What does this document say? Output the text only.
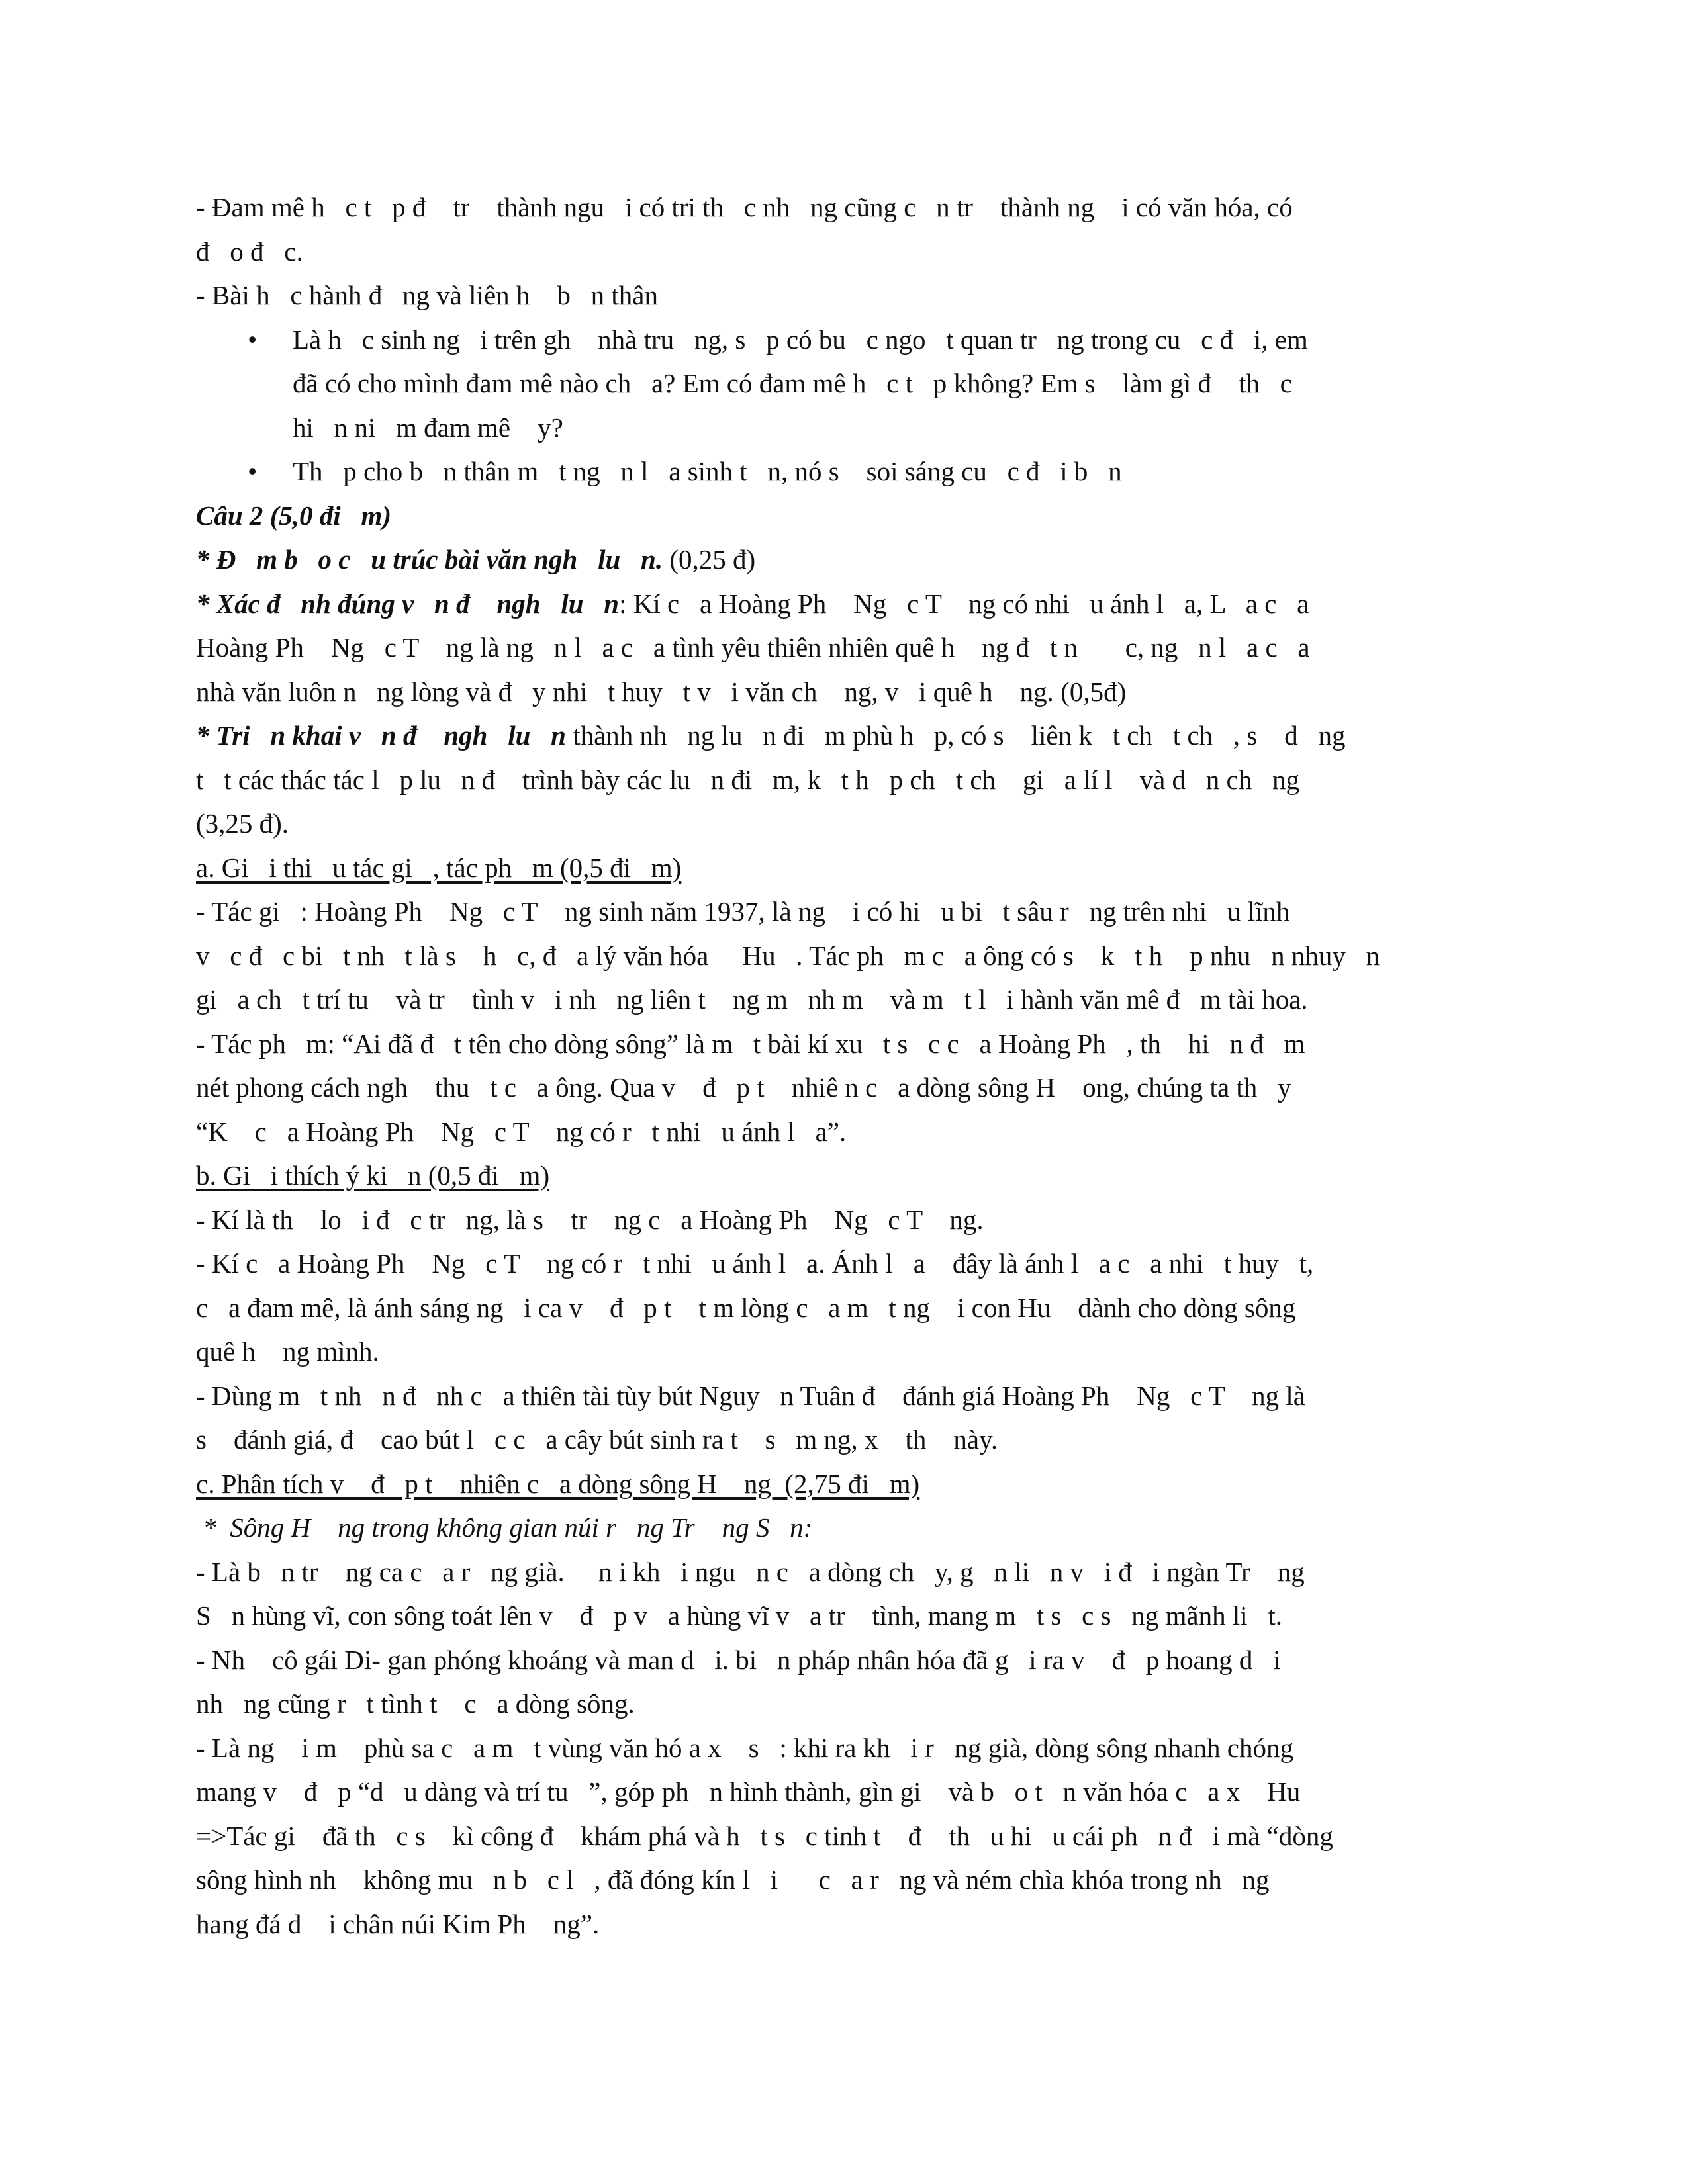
- Đam mê h   c t   p đ    tr    thành ngu   i có tri th   c nh   ng cũng c   n tr    thành ng    i có văn hóa, có
đ   o đ   c.
- Bài h   c hành đ   ng và liên h    b   n thân
• Là h   c sinh ng   i trên gh    nhà tru   ng, s   p có bu   c ngo   t quan tr   ng trong cu   c đ   i, em
đã có cho mình đam mê nào ch   a? Em có đam mê h   c t   p không? Em s    làm gì đ    th   c
hi   n ni   m đam mê    y?
• Th   p cho b   n thân m   t ng   n l   a sinh t   n, nó s    soi sáng cu   c đ   i b   n
Câu 2 (5,0 đi   m)
* Đ   m b   o c   u trúc bài văn ngh   lu   n. (0,25 đ)
* Xác đ   nh đúng v   n đ    ngh   lu   n: Kí c   a Hoàng Ph    Ng   c T    ng có nhi   u ánh l   a, L   a c   a
Hoàng Ph    Ng   c T    ng là ng   n l   a c   a tình yêu thiên nhiên quê h    ng đ   t n       c, ng   n l   a c   a
nhà văn luôn n   ng lòng và đ   y nhi   t huy   t v   i văn ch    ng, v   i quê h    ng. (0,5đ)
* Tri   n khai v   n đ    ngh   lu   n thành nh   ng lu   n đi   m phù h   p, có s    liên k   t ch   t ch   , s    d   ng
t   t các thác tác l   p lu   n đ    trình bày các lu   n đi   m, k   t h   p ch   t ch    gi   a lí l    và d   n ch   ng
(3,25 đ).
a. Gi   i thi   u tác gi   , tác ph   m (0,5 đi   m)
- Tác gi   : Hoàng Ph    Ng   c T    ng sinh năm 1937, là ng    i có hi   u bi   t sâu r   ng trên nhi   u lĩnh
v   c đ   c bi   t nh   t là s    h   c, đ   a lý văn hóa     Hu   . Tác ph   m c   a ông có s    k   t h    p nhu   n nhuy   n
gi   a ch   t trí tu    và tr    tình v   i nh   ng liên t    ng m   nh m    và m   t l   i hành văn mê đ   m tài hoa.
- Tác ph   m: “Ai đã đ   t tên cho dòng sông” là m   t bài kí xu   t s   c c   a Hoàng Ph   , th    hi   n đ   m
nét phong cách ngh    thu   t c   a ông. Qua v    đ   p t    nhiê n c   a dòng sông H    ong, chúng ta th   y
“K    c   a Hoàng Ph    Ng   c T    ng có r   t nhi   u ánh l   a”.
b. Gi   i thích ý ki   n (0,5 đi   m)
- Kí là th    lo   i đ   c tr   ng, là s    tr    ng c   a Hoàng Ph    Ng   c T    ng.
- Kí c   a Hoàng Ph    Ng   c T    ng có r   t nhi   u ánh l   a. Ánh l   a    đây là ánh l   a c   a nhi   t huy   t,
c   a đam mê, là ánh sáng ng   i ca v    đ   p t    t m lòng c   a m   t ng    i con Hu    dành cho dòng sông
quê h    ng mình.
- Dùng m   t nh   n đ   nh c   a thiên tài tùy bút Nguy   n Tuân đ    đánh giá Hoàng Ph    Ng   c T    ng là
s    đánh giá, đ    cao bút l   c c   a cây bút sinh ra t    s   m ng, x    th    này.
c. Phân tích v    đ   p t    nhiên c   a dòng sông H    ng  (2,75 đi   m)
*  Sông H    ng trong không gian núi r   ng Tr    ng S   n:
- Là b   n tr    ng ca c   a r   ng già.     n i kh   i ngu   n c   a dòng ch   y, g   n li   n v   i đ   i ngàn Tr    ng
S   n hùng vĩ, con sông toát lên v    đ   p v   a hùng vĩ v   a tr    tình, mang m   t s   c s   ng mãnh li   t.
- Nh    cô gái Di- gan phóng khoáng và man d   i. bi   n pháp nhân hóa đã g   i ra v    đ   p hoang d   i
nh   ng cũng r   t tình t    c   a dòng sông.
- Là ng    i m    phù sa c   a m   t vùng văn hó a x    s   : khi ra kh   i r   ng già, dòng sông nhanh chóng
mang v    đ   p “d   u dàng và trí tu   ”, góp ph   n hình thành, gìn gi    và b   o t   n văn hóa c   a x    Hu
=>Tác gi    đã th   c s    kì công đ    khám phá và h   t s   c tinh t    đ    th   u hi   u cái ph   n đ   i mà “dòng
sông hình nh    không mu   n b   c l   , đã đóng kín l   i      c   a r   ng và ném chìa khóa trong nh   ng
hang đá d    i chân núi Kim Ph    ng”.
